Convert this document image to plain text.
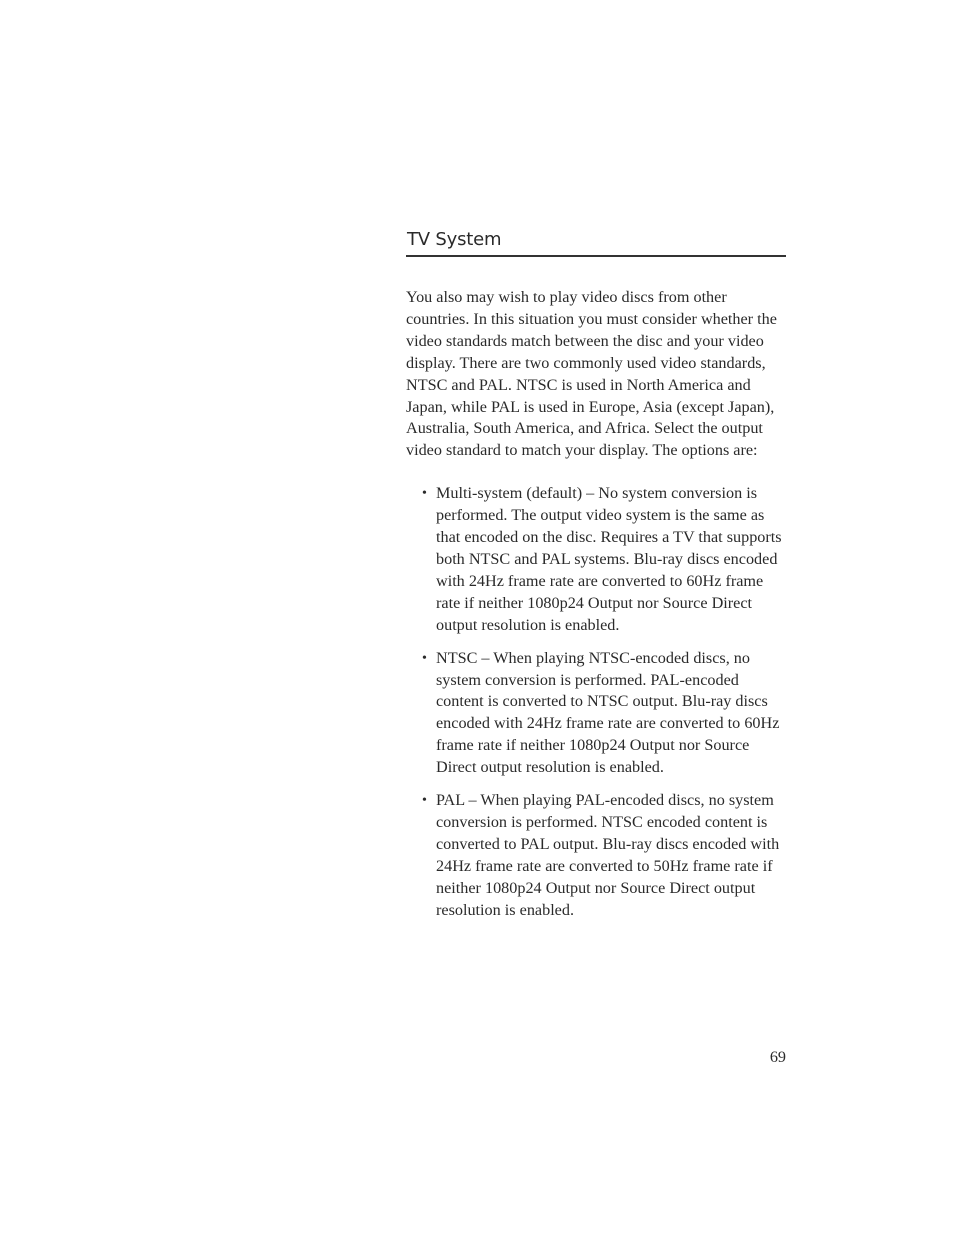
TV System

You also may wish to play video discs from other countries. In this situation you must consider whether the video standards match between the disc and your video display. There are two commonly used video standards, NTSC and PAL. NTSC is used in North America and Japan, while PAL is used in Europe, Asia (except Japan), Australia, South America, and Africa. Select the output video standard to match your display. The options are:

• Multi-system (default) – No system conversion is performed. The output video system is the same as that encoded on the disc. Requires a TV that supports both NTSC and PAL systems. Blu-ray discs encoded with 24Hz frame rate are converted to 60Hz frame rate if neither 1080p24 Output nor Source Direct output resolution is enabled.
• NTSC – When playing NTSC-encoded discs, no system conversion is performed. PAL-encoded content is converted to NTSC output. Blu-ray discs encoded with 24Hz frame rate are converted to 60Hz frame rate if neither 1080p24 Output nor Source Direct output resolution is enabled.
• PAL – When playing PAL-encoded discs, no system conversion is performed. NTSC encoded content is converted to PAL output. Blu-ray discs encoded with 24Hz frame rate are converted to 50Hz frame rate if neither 1080p24 Output nor Source Direct output resolution is enabled.
69
